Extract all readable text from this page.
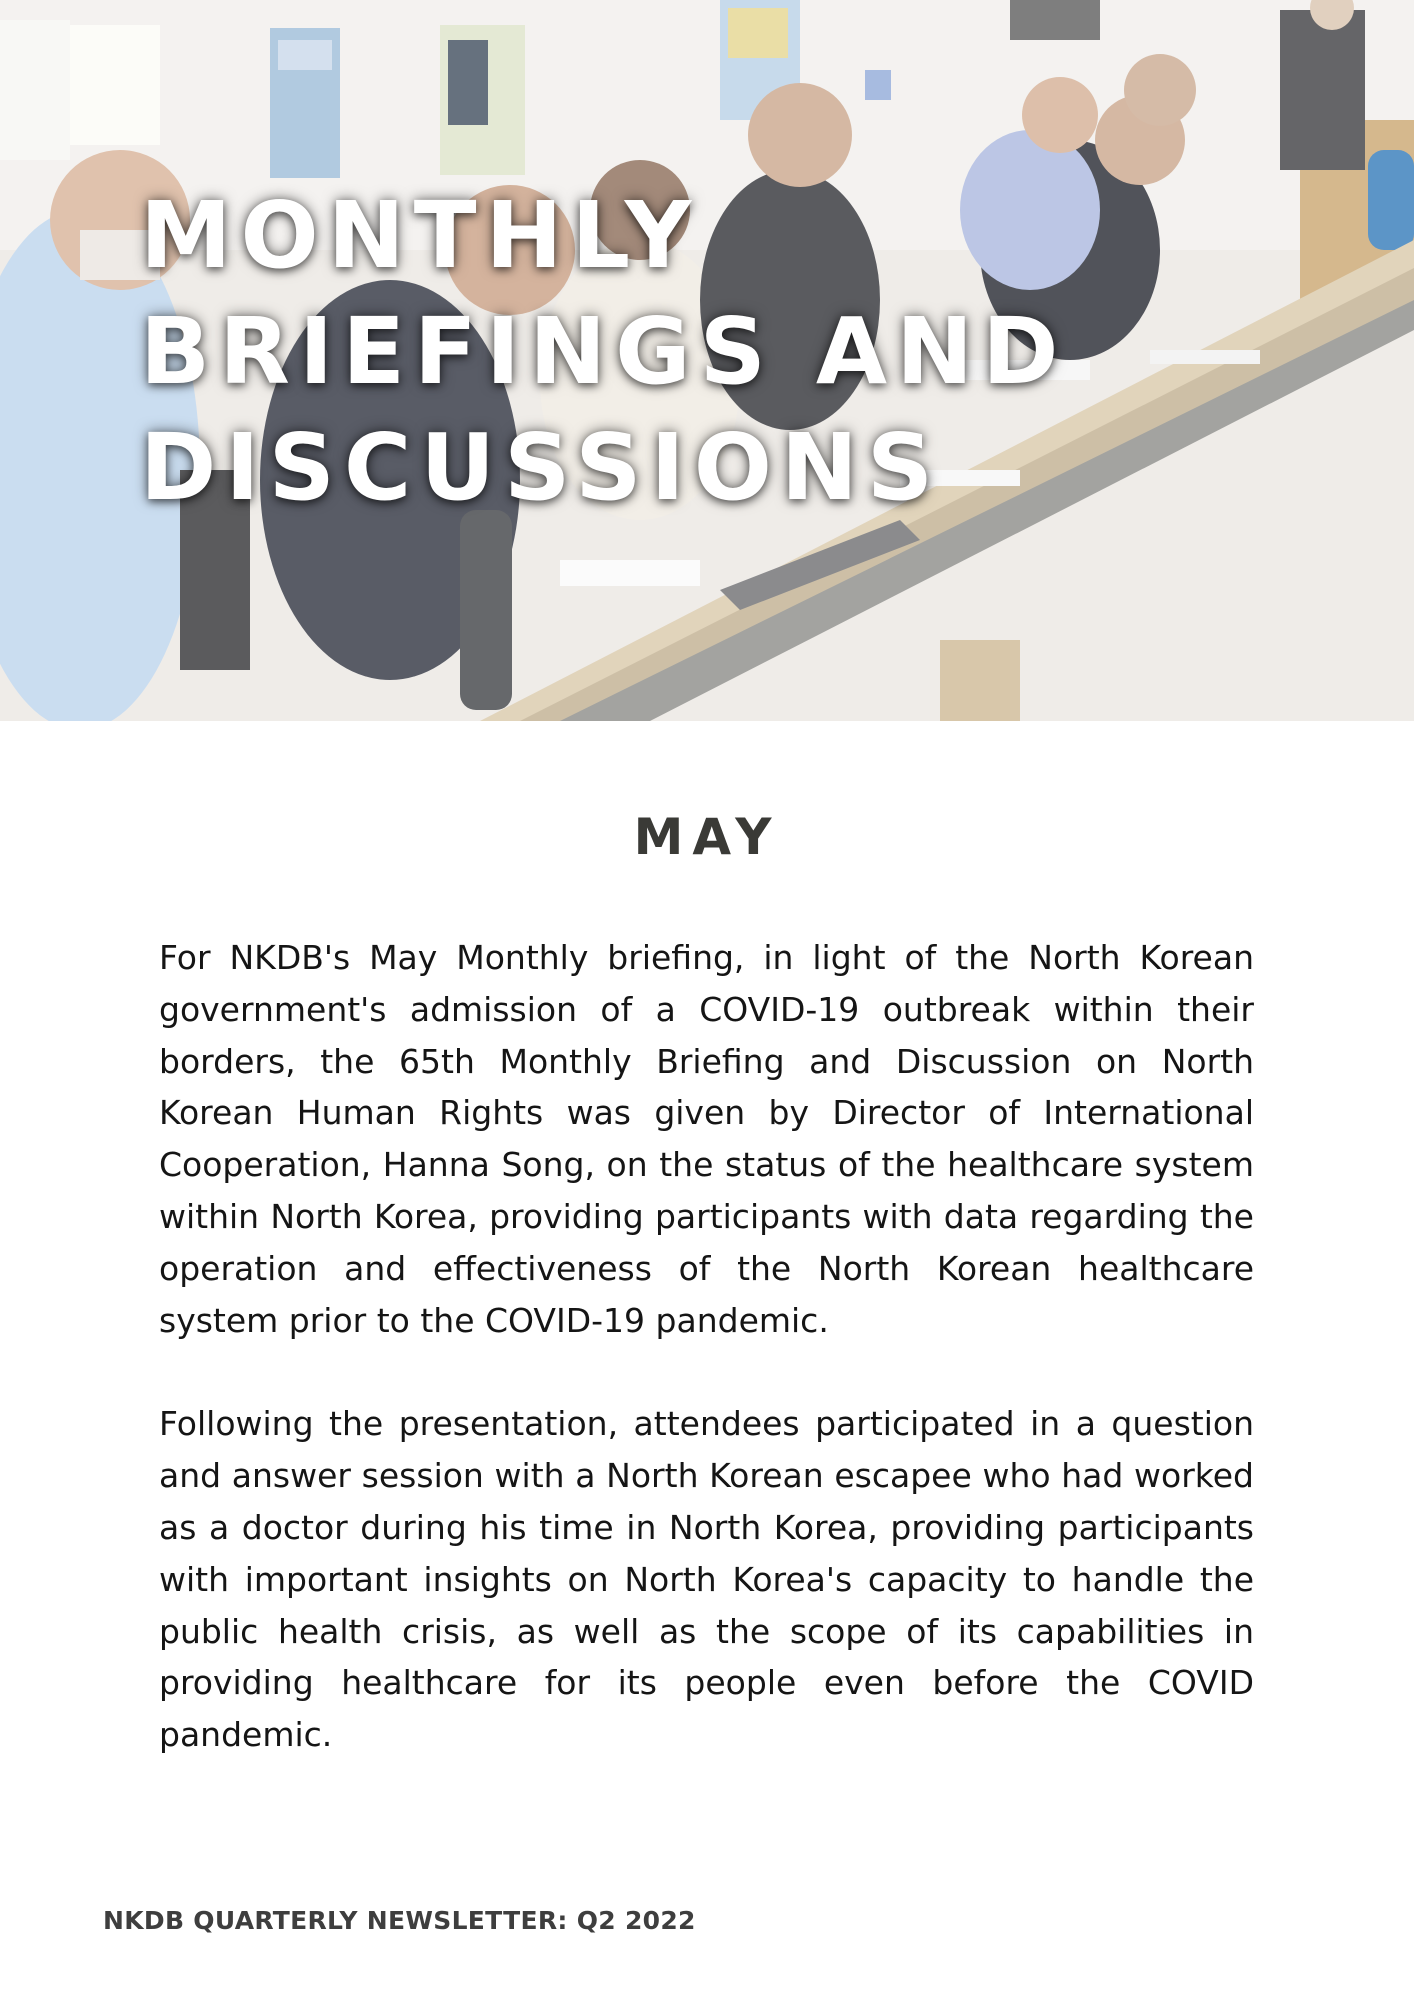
MONTHLY
BRIEFINGS AND
DISCUSSIONS
MAY

For NKDB's May Monthly briefing, in light of the North Korean government's admission of a COVID-19 outbreak within their borders, the 65th Monthly Briefing and Discussion on North Korean Human Rights was given by Director of International Cooperation, Hanna Song, on the status of the healthcare system within North Korea, providing participants with data regarding the operation and effectiveness of the North Korean healthcare system prior to the COVID-19 pandemic.

Following the presentation, attendees participated in a question and answer session with a North Korean escapee who had worked as a doctor during his time in North Korea, providing participants with important insights on North Korea's capacity to handle the public health crisis, as well as the scope of its capabilities in providing healthcare for its people even before the COVID pandemic.

NKDB QUARTERLY NEWSLETTER: Q2 2022
